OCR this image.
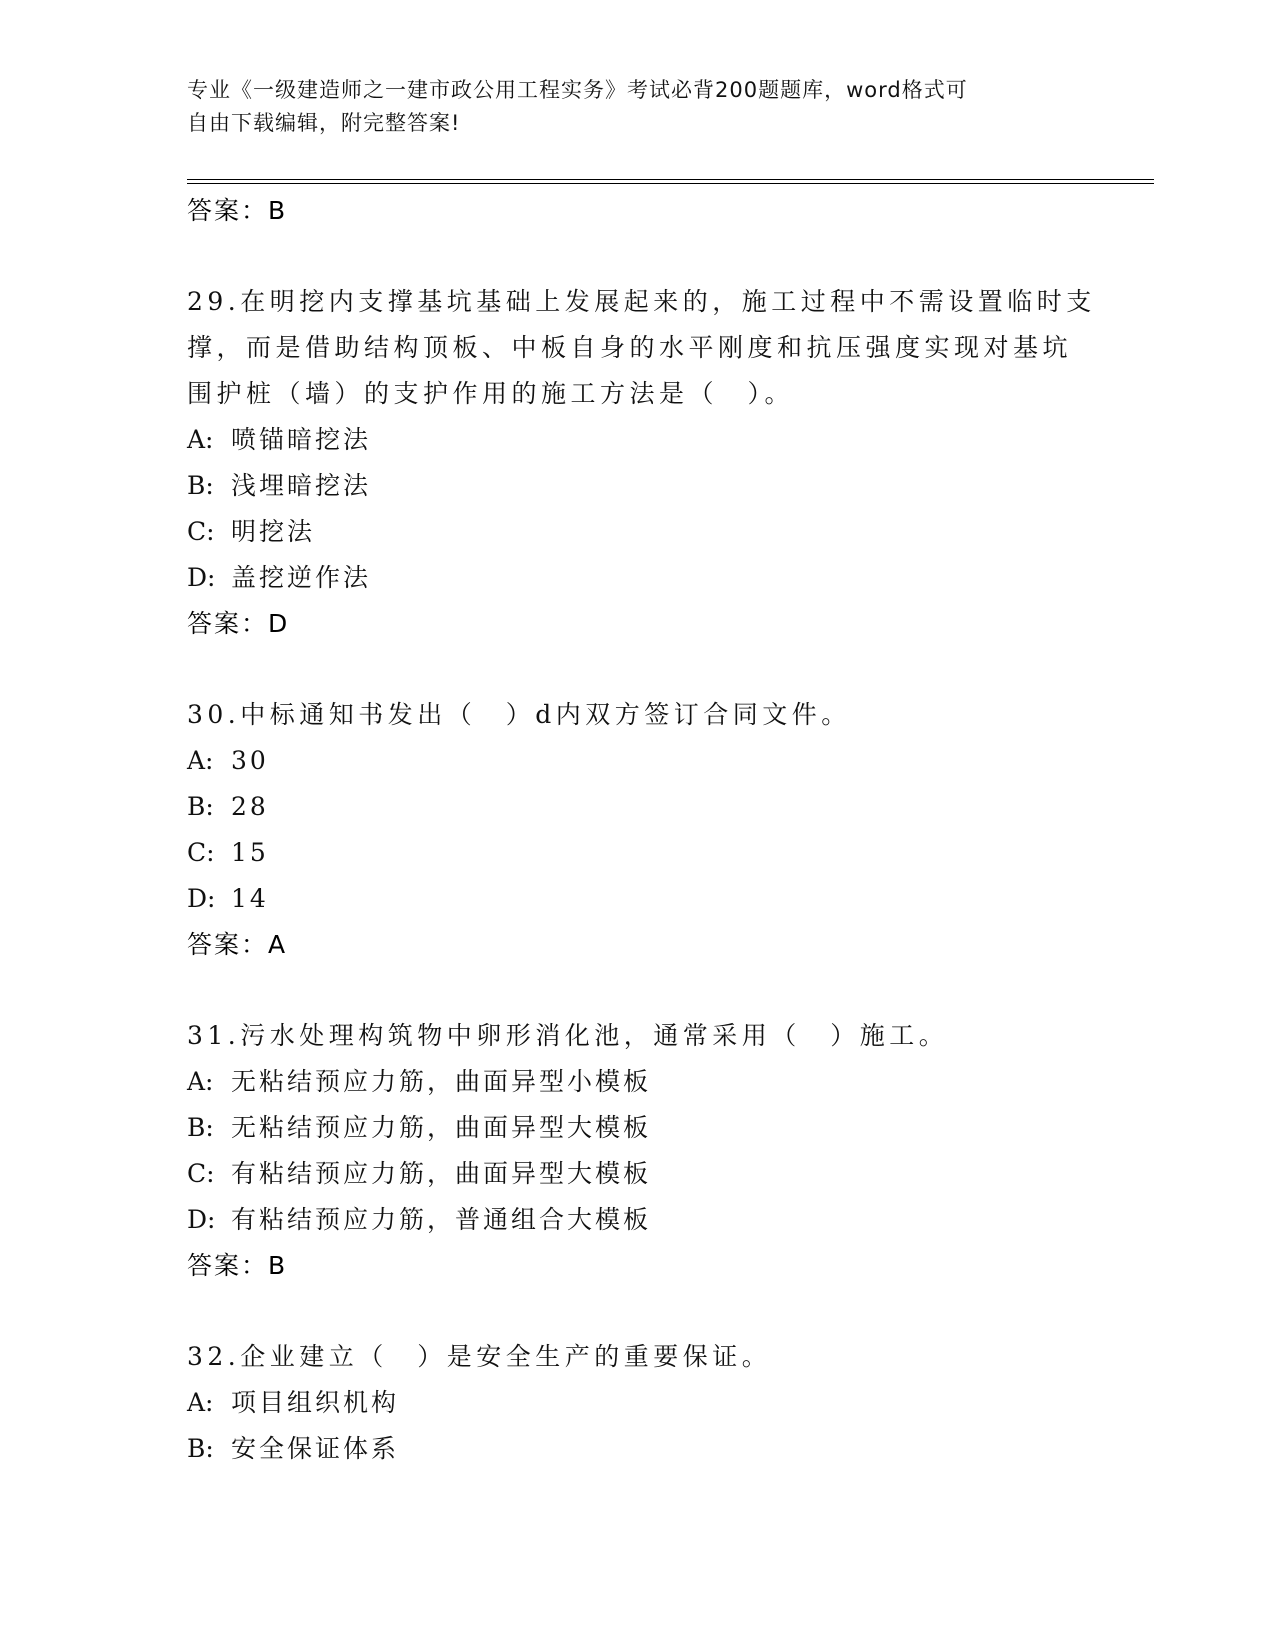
专业《一级建造师之一建市政公用工程实务》考试必背200题题库，word格式可
自由下载编辑，附完整答案!
答案：B
29.在明挖内支撑基坑基础上发展起来的，施工过程中不需设置临时支
撑，而是借助结构顶板、中板自身的水平刚度和抗压强度实现对基坑
围护桩（墙）的支护作用的施工方法是（　）。
A: 喷锚暗挖法
B: 浅埋暗挖法
C: 明挖法
D: 盖挖逆作法
答案：D
30.中标通知书发出（　）d内双方签订合同文件。
A: 30
B: 28
C: 15
D: 14
答案：A
31.污水处理构筑物中卵形消化池，通常采用（　）施工。
A: 无粘结预应力筋，曲面异型小模板
B: 无粘结预应力筋，曲面异型大模板
C: 有粘结预应力筋，曲面异型大模板
D: 有粘结预应力筋，普通组合大模板
答案：B
32.企业建立（　）是安全生产的重要保证。
A: 项目组织机构
B: 安全保证体系
